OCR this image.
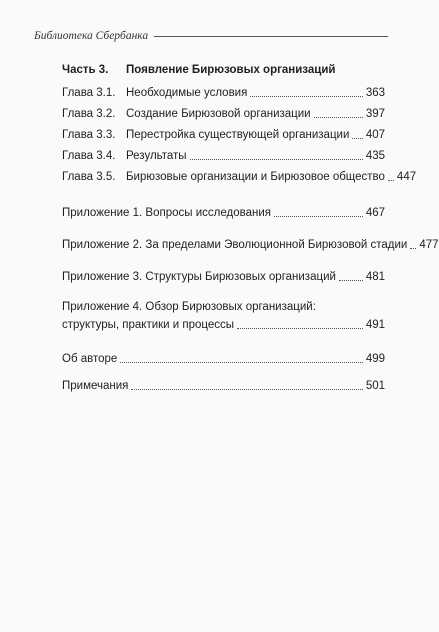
Библиотека Сбербанка
Часть 3.	Появление Бирюзовых организаций
Глава 3.1. Необходимые условия	363
Глава 3.2. Создание Бирюзовой организации	397
Глава 3.3. Перестройка существующей организации 407
Глава 3.4. Результаты	435
Глава 3.5. Бирюзовые организации и Бирюзовое общество 447
Приложение 1. Вопросы исследования	467
Приложение 2. За пределами Эволюционной Бирюзовой стадии 477
Приложение 3. Структуры Бирюзовых организаций	481
Приложение 4. Обзор Бирюзовых организаций:
структуры, практики и процессы	491
Об авторе	499
Примечания	501
